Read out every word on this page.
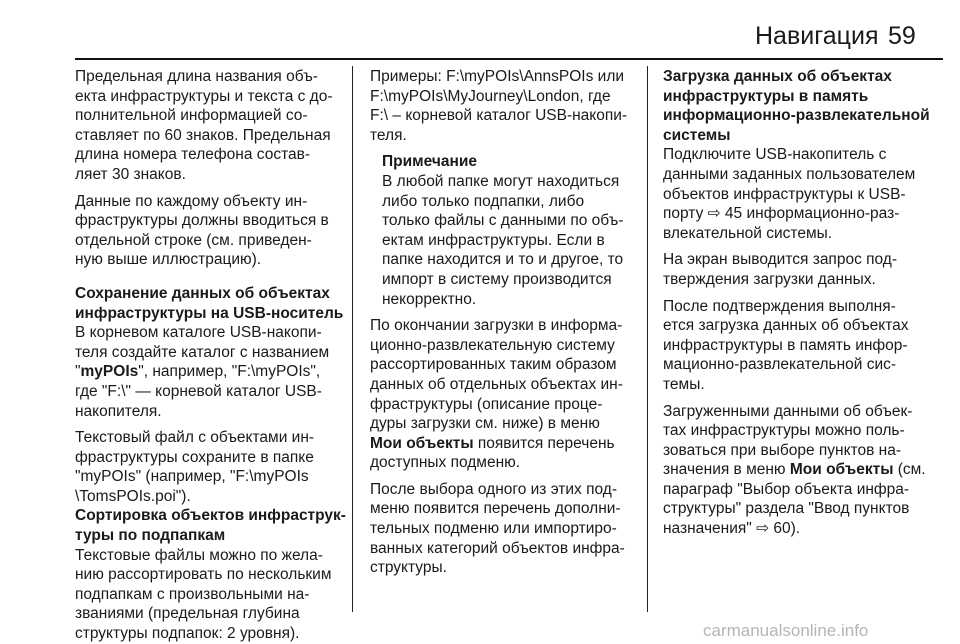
Навигация 59

Предельная длина названия объ-
екта инфраструктуры и текста с до-
полнительной информацией со-
ставляет по 60 знаков. Предельная
длина номера телефона состав-
ляет 30 знаков.

Данные по каждому объекту ин-
фраструктуры должны вводиться в
отдельной строке (см. приведен-
ную выше иллюстрацию).

Сохранение данных об объектах
инфраструктуры на USB-носитель

В корневом каталоге USB-накопи-
теля создайте каталог с названием
"myPOIs", например, "F:\myPOIs",
где "F:\" — корневой каталог USB-
накопителя.

Текстовый файл с объектами ин-
фраструктуры сохраните в папке
"myPOIs" (например, "F:\myPOIs
\TomsPOIs.poi").

Сортировка объектов инфраструк-
туры по подпапкам

Текстовые файлы можно по жела-
нию рассортировать по нескольким
подпапкам с произвольными на-
званиями (предельная глубина
структуры подпапок: 2 уровня).

Примеры: F:\myPOIs\AnnsPOIs или
F:\myPOIs\MyJourney\London, где
F:\ – корневой каталог USB-накопи-
теля.

Примечание

В любой папке могут находиться
либо только подпапки, либо
только файлы с данными по объ-
ектам инфраструктуры. Если в
папке находится и то и другое, то
импорт в систему производится
некорректно.

По окончании загрузки в информа-
ционно-развлекательную систему
рассортированных таким образом
данных об отдельных объектах ин-
фраструктуры (описание проце-
дуры загрузки см. ниже) в меню
Мои объекты появится перечень
доступных подменю.

После выбора одного из этих под-
меню появится перечень дополни-
тельных подменю или импортиро-
ванных категорий объектов инфра-
структуры.

Загрузка данных об объектах
инфраструктуры в память
информационно-развлекательной
системы

Подключите USB-накопитель с
данными заданных пользователем
объектов инфраструктуры к USB-
порту ⇨ 45 информационно-раз-
влекательной системы.

На экран выводится запрос под-
тверждения загрузки данных.

После подтверждения выполня-
ется загрузка данных об объектах
инфраструктуры в память инфор-
мационно-развлекательной сис-
темы.

Загруженными данными об объек-
тах инфраструктуры можно поль-
зоваться при выборе пунктов на-
значения в меню Мои объекты (см.
параграф "Выбор объекта инфра-
структуры" раздела "Ввод пунктов
назначения" ⇨ 60).

carmanualsonline.info
